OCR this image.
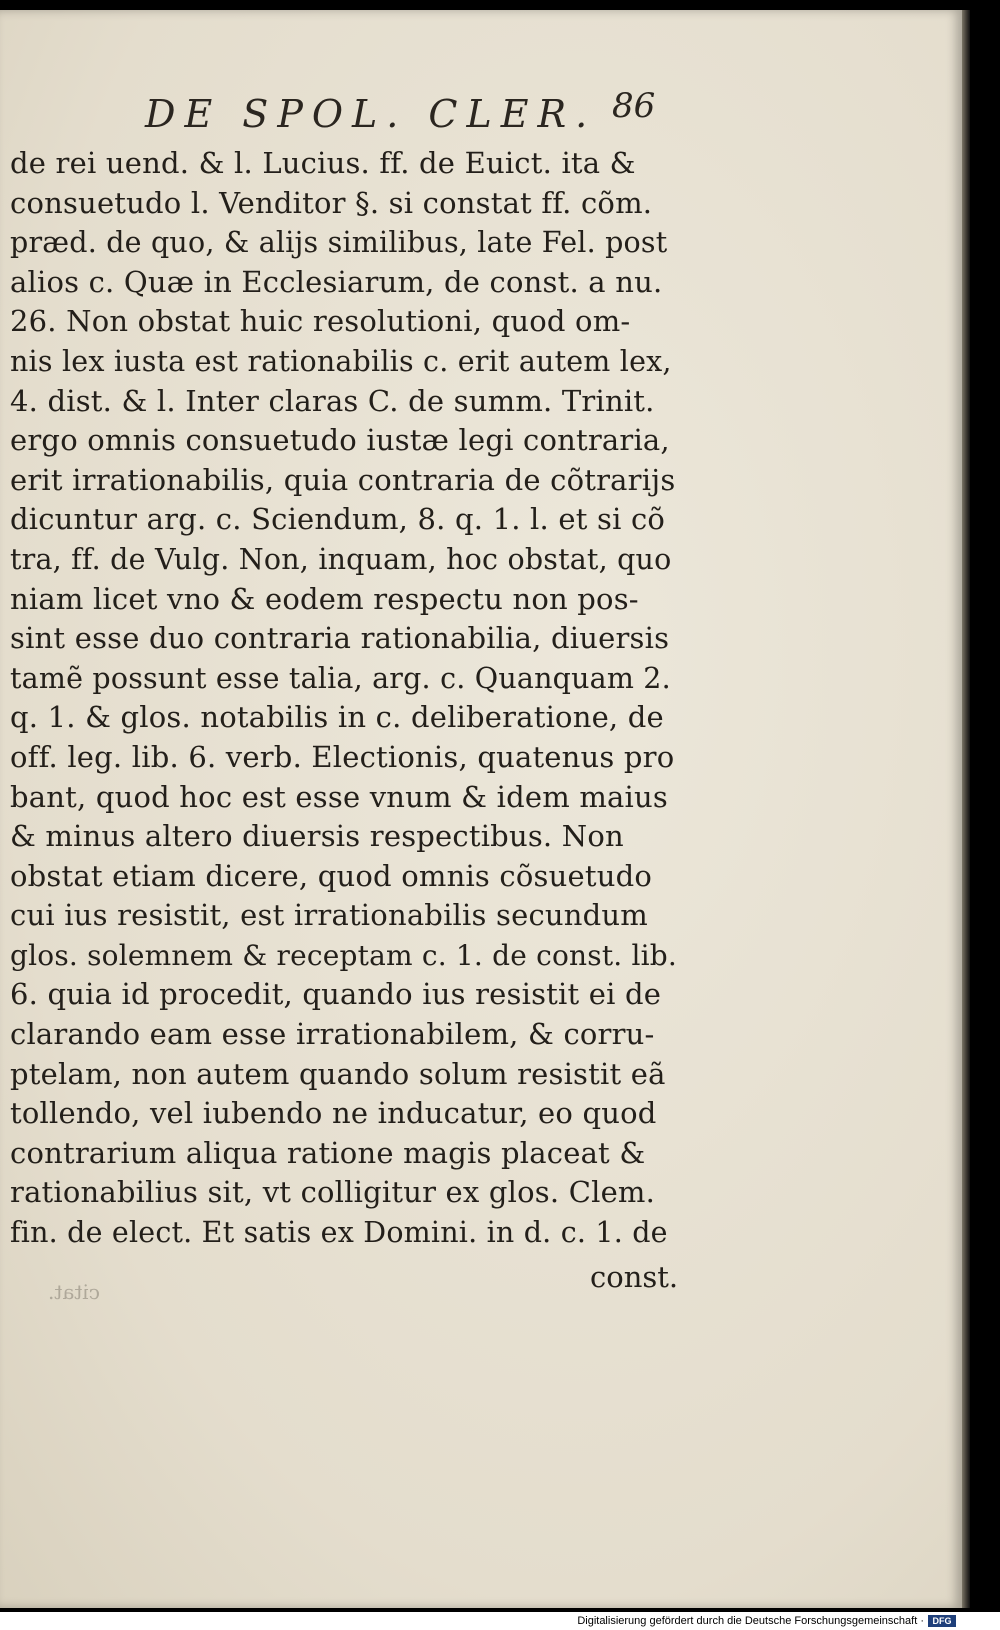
DE SPOL. CLER. 86
de rei uend. & l. Lucius. ff. de Euict. ita &
consuetudo l. Venditor §. si constat ff. cõm.
præd. de quo, & alijs similibus, late Fel. post
alios c. Quæ in Ecclesiarum, de const. a nu.
26. Non obstat huic resolutioni, quod om-
nis lex iusta est rationabilis c. erit autem lex,
4. dist. & l. Inter claras C. de summ. Trinit.
ergo omnis consuetudo iustæ legi contraria,
erit irrationabilis, quia contraria de cõtrarijs
dicuntur arg. c. Sciendum, 8. q. 1. l. et si cõ
tra, ff. de Vulg. Non, inquam, hoc obstat, quo
niam licet vno & eodem respectu non pos-
sint esse duo contraria rationabilia, diuersis
tamẽ possunt esse talia, arg. c. Quanquam 2.
q. 1. & glos. notabilis in c. deliberatione, de
off. leg. lib. 6. verb. Electionis, quatenus pro
bant, quod hoc est esse vnum & idem maius
& minus altero diuersis respectibus. Non
obstat etiam dicere, quod omnis cõsuetudo
cui ius resistit, est irrationabilis secundum
glos. solemnem & receptam c. 1. de const. lib.
6. quia id procedit, quando ius resistit ei de
clarando eam esse irrationabilem, & corru-
ptelam, non autem quando solum resistit eã
tollendo, vel iubendo ne inducatur, eo quod
contrarium aliqua ratione magis placeat &
rationabilius sit, vt colligitur ex glos. Clem.
fin. de elect. Et satis ex Domini. in d. c. 1. de
const.
citat.
Digitalisierung gefördert durch die Deutsche Forschungsgemeinschaft · DFG
